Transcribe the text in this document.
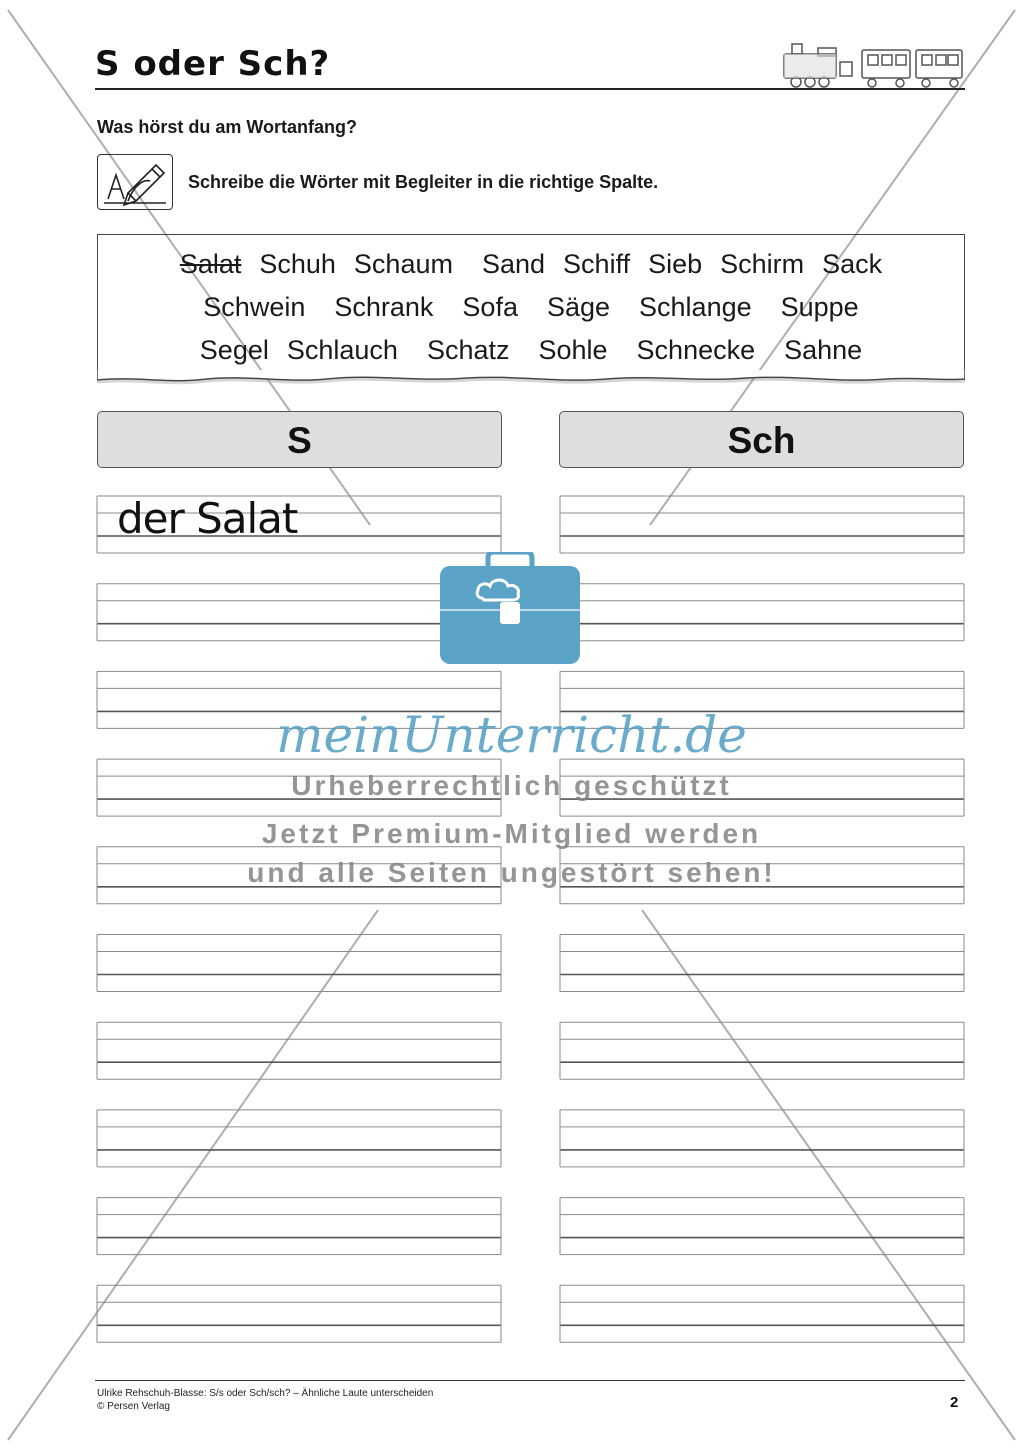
S oder Sch?
Was hörst du am Wortanfang?
Schreibe die Wörter mit Begleiter in die richtige Spalte.
Salat Schuh Schaum Sand Schiff Sieb Schirm Sack
Schwein Schrank Sofa Säge Schlange Suppe
Segel Schlauch Schatz Sohle Schnecke Sahne
S	Sch
der Salat
meinUnterricht.de
Urheberrechtlich geschützt
Jetzt Premium-Mitglied werden
und alle Seiten ungestört sehen!
Ulrike Rehschuh-Blasse: S/s oder Sch/sch? – Ähnliche Laute unterscheiden
© Persen Verlag	2
